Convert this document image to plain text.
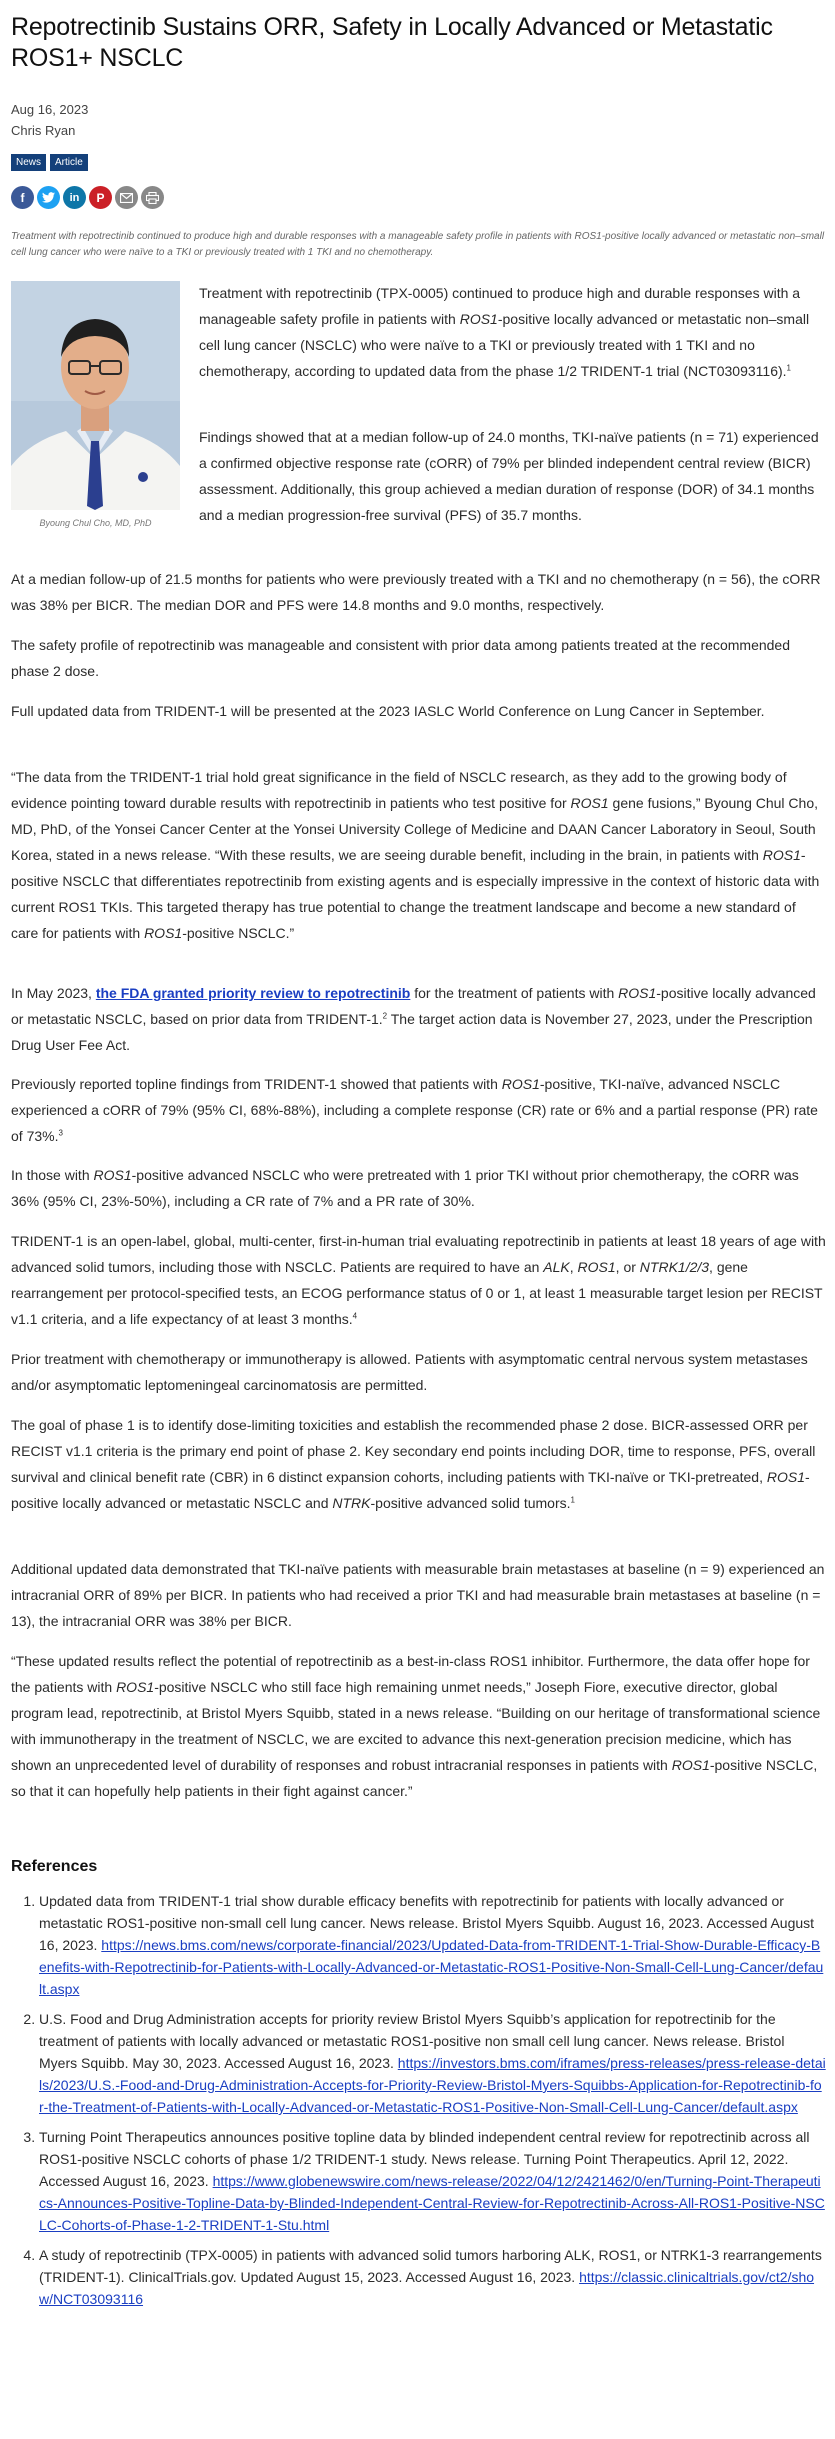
Repotrectinib Sustains ORR, Safety in Locally Advanced or Metastatic ROS1+ NSCLC
Aug 16, 2023
Chris Ryan
News Article
f	in	P
Treatment with repotrectinib continued to produce high and durable responses with a manageable safety profile in patients with ROS1-positive locally advanced or metastatic non–small cell lung cancer who were naïve to a TKI or previously treated with 1 TKI and no chemotherapy.
Byoung Chul Cho, MD, PhD

Treatment with repotrectinib (TPX-0005) continued to produce high and durable responses with a manageable safety profile in patients with ROS1-positive locally advanced or metastatic non–small cell lung cancer (NSCLC) who were naïve to a TKI or previously treated with 1 TKI and no chemotherapy, according to updated data from the phase 1/2 TRIDENT-1 trial (NCT03093116).$^1$

Findings showed that at a median follow-up of 24.0 months, TKI-naïve patients (n = 71) experienced a confirmed objective response rate (cORR) of 79% per blinded independent central review (BICR) assessment. Additionally, this group achieved a median duration of response (DOR) of 34.1 months and a median progression-free survival (PFS) of 35.7 months.

At a median follow-up of 21.5 months for patients who were previously treated with a TKI and no chemotherapy (n = 56), the cORR was 38% per BICR. The median DOR and PFS were 14.8 months and 9.0 months, respectively.

The safety profile of repotrectinib was manageable and consistent with prior data among patients treated at the recommended phase 2 dose.

Full updated data from TRIDENT-1 will be presented at the 2023 IASLC World Conference on Lung Cancer in September.

“The data from the TRIDENT-1 trial hold great significance in the field of NSCLC research, as they add to the growing body of evidence pointing toward durable results with repotrectinib in patients who test positive for ROS1 gene fusions,” Byoung Chul Cho, MD, PhD, of the Yonsei Cancer Center at the Yonsei University College of Medicine and DAAN Cancer Laboratory in Seoul, South Korea, stated in a news release. “With these results, we are seeing durable benefit, including in the brain, in patients with ROS1-positive NSCLC that differentiates repotrectinib from existing agents and is especially impressive in the context of historic data with current ROS1 TKIs. This targeted therapy has true potential to change the treatment landscape and become a new standard of care for patients with ROS1-positive NSCLC.”

In May 2023, the FDA granted priority review to repotrectinib for the treatment of patients with ROS1-positive locally advanced or metastatic NSCLC, based on prior data from TRIDENT-1.$^2$ The target action data is November 27, 2023, under the Prescription Drug User Fee Act.

Previously reported topline findings from TRIDENT-1 showed that patients with ROS1-positive, TKI-naïve, advanced NSCLC experienced a cORR of 79% (95% CI, 68%-88%), including a complete response (CR) rate or 6% and a partial response (PR) rate of 73%.$^3$

In those with ROS1-positive advanced NSCLC who were pretreated with 1 prior TKI without prior chemotherapy, the cORR was 36% (95% CI, 23%-50%), including a CR rate of 7% and a PR rate of 30%.

TRIDENT-1 is an open-label, global, multi-center, first-in-human trial evaluating repotrectinib in patients at least 18 years of age with advanced solid tumors, including those with NSCLC. Patients are required to have an ALK, ROS1, or NTRK1/2/3, gene rearrangement per protocol-specified tests, an ECOG performance status of 0 or 1, at least 1 measurable target lesion per RECIST v1.1 criteria, and a life expectancy of at least 3 months.$^4$

Prior treatment with chemotherapy or immunotherapy is allowed. Patients with asymptomatic central nervous system metastases and/or asymptomatic leptomeningeal carcinomatosis are permitted.

The goal of phase 1 is to identify dose-limiting toxicities and establish the recommended phase 2 dose. BICR-assessed ORR per RECIST v1.1 criteria is the primary end point of phase 2. Key secondary end points including DOR, time to response, PFS, overall survival and clinical benefit rate (CBR) in 6 distinct expansion cohorts, including patients with TKI-naïve or TKI-pretreated, ROS1-positive locally advanced or metastatic NSCLC and NTRK-positive advanced solid tumors.$^1$

Additional updated data demonstrated that TKI-naïve patients with measurable brain metastases at baseline (n = 9) experienced an intracranial ORR of 89% per BICR. In patients who had received a prior TKI and had measurable brain metastases at baseline (n = 13), the intracranial ORR was 38% per BICR.

“These updated results reflect the potential of repotrectinib as a best-in-class ROS1 inhibitor. Furthermore, the data offer hope for the patients with ROS1-positive NSCLC who still face high remaining unmet needs,” Joseph Fiore, executive director, global program lead, repotrectinib, at Bristol Myers Squibb, stated in a news release. “Building on our heritage of transformational science with immunotherapy in the treatment of NSCLC, we are excited to advance this next-generation precision medicine, which has shown an unprecedented level of durability of responses and robust intracranial responses in patients with ROS1-positive NSCLC, so that it can hopefully help patients in their fight against cancer.”

References
1. Updated data from TRIDENT-1 trial show durable efficacy benefits with repotrectinib for patients with locally advanced or metastatic ROS1-positive non-small cell lung cancer. News release. Bristol Myers Squibb. August 16, 2023. Accessed August 16, 2023. https://news.bms.com/news/corporate-financial/2023/Updated-Data-from-TRIDENT-1-Trial-Show-Durable-Efficacy-Benefits-with-Repotrectinib-for-Patients-with-Locally-Advanced-or-Metastatic-ROS1-Positive-Non-Small-Cell-Lung-Cancer/default.aspx
2. U.S. Food and Drug Administration accepts for priority review Bristol Myers Squibb’s application for repotrectinib for the treatment of patients with locally advanced or metastatic ROS1-positive non small cell lung cancer. News release. Bristol Myers Squibb. May 30, 2023. Accessed August 16, 2023. https://investors.bms.com/iframes/press-releases/press-release-details/2023/U.S.-Food-and-Drug-Administration-Accepts-for-Priority-Review-Bristol-Myers-Squibbs-Application-for-Repotrectinib-for-the-Treatment-of-Patients-with-Locally-Advanced-or-Metastatic-ROS1-Positive-Non-Small-Cell-Lung-Cancer/default.aspx
3. Turning Point Therapeutics announces positive topline data by blinded independent central review for repotrectinib across all ROS1-positive NSCLC cohorts of phase 1/2 TRIDENT-1 study. News release. Turning Point Therapeutics. April 12, 2022. Accessed August 16, 2023. https://www.globenewswire.com/news-release/2022/04/12/2421462/0/en/Turning-Point-Therapeutics-Announces-Positive-Topline-Data-by-Blinded-Independent-Central-Review-for-Repotrectinib-Across-All-ROS1-Positive-NSCLC-Cohorts-of-Phase-1-2-TRIDENT-1-Stu.html
4. A study of repotrectinib (TPX-0005) in patients with advanced solid tumors harboring ALK, ROS1, or NTRK1-3 rearrangements (TRIDENT-1). ClinicalTrials.gov. Updated August 15, 2023. Accessed August 16, 2023. https://classic.clinicaltrials.gov/ct2/show/NCT03093116
